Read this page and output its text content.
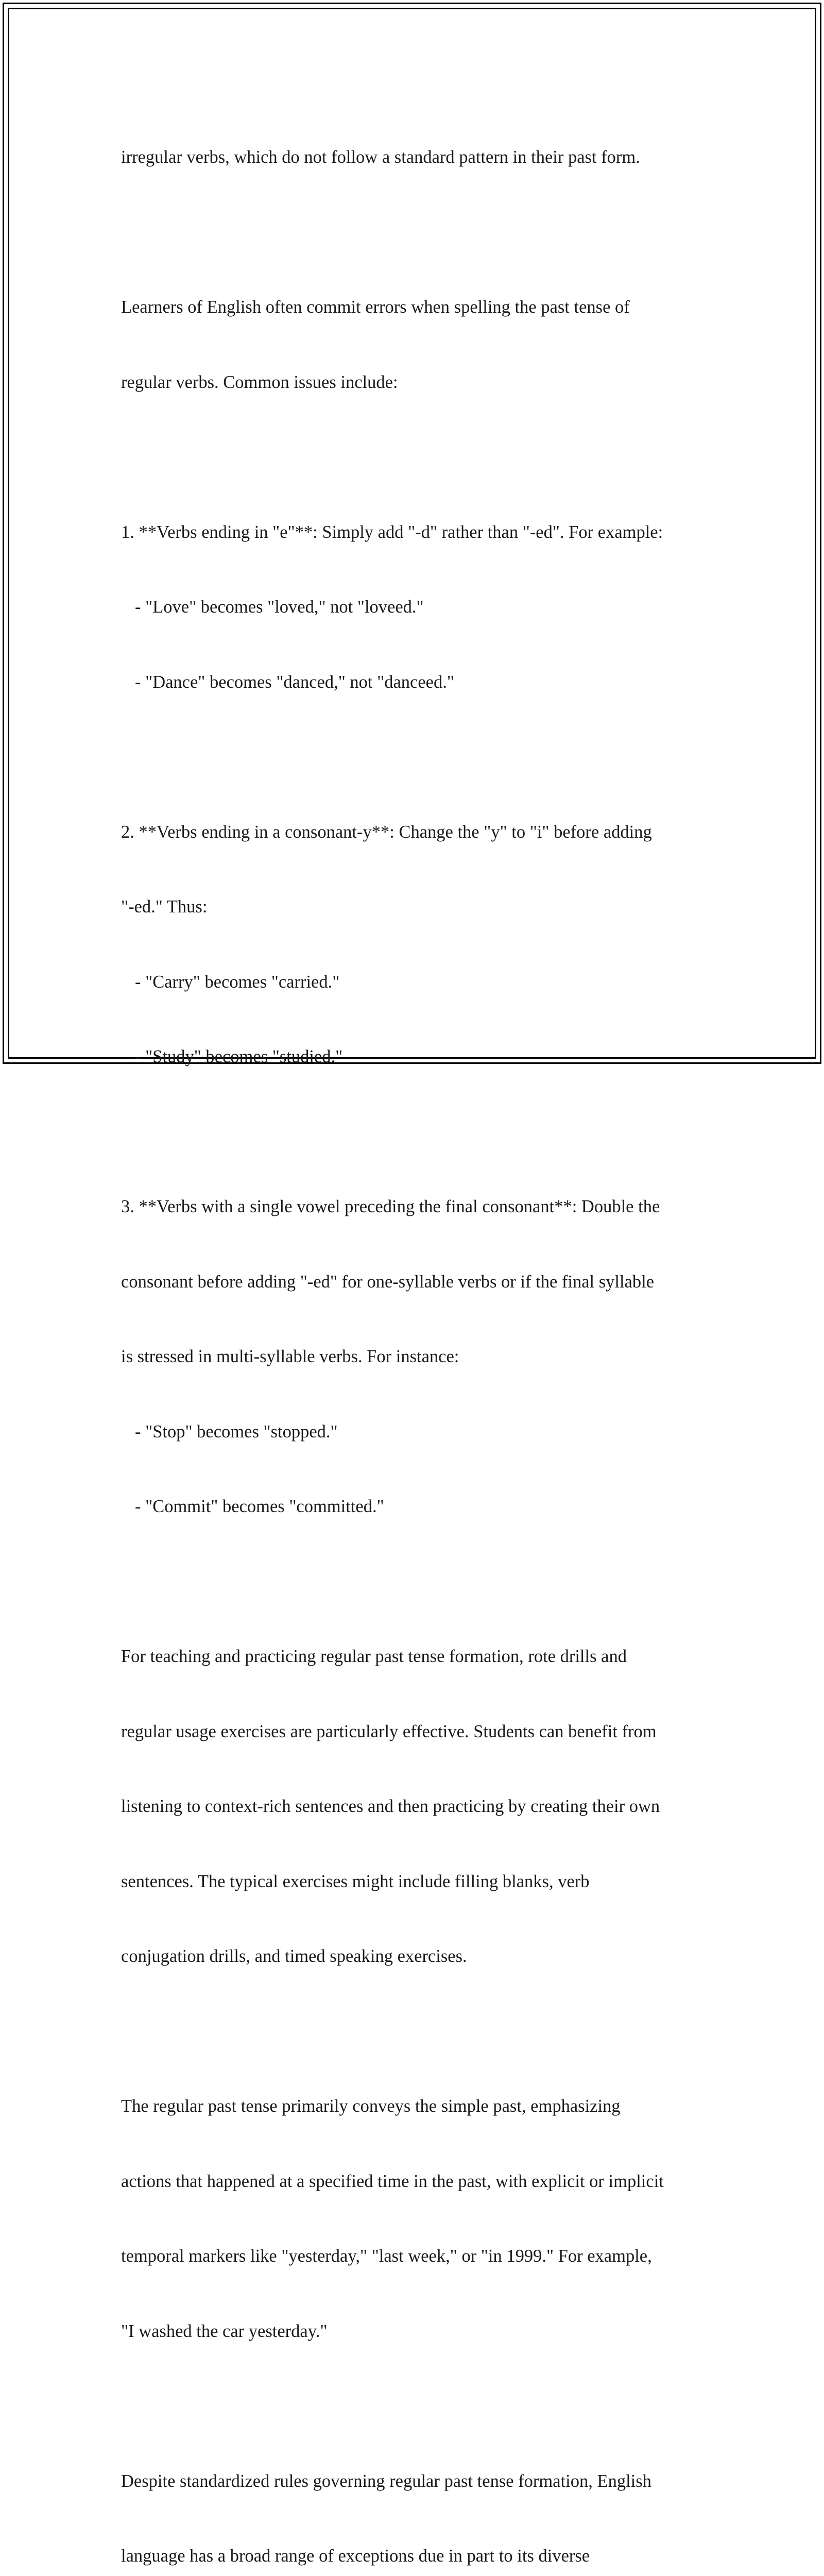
irregular verbs, which do not follow a standard pattern in their past form.

Learners of English often commit errors when spelling the past tense of

regular verbs. Common issues include:

1. **Verbs ending in "e"**: Simply add "-d" rather than "-ed". For example:

- "Love" becomes "loved," not "loveed."

- "Dance" becomes "danced," not "danceed."

2. **Verbs ending in a consonant-y**: Change the "y" to "i" before adding

"-ed." Thus:

- "Carry" becomes "carried."

- "Study" becomes "studied."

3. **Verbs with a single vowel preceding the final consonant**: Double the

consonant before adding "-ed" for one-syllable verbs or if the final syllable

is stressed in multi-syllable verbs. For instance:

- "Stop" becomes "stopped."

- "Commit" becomes "committed."

For teaching and practicing regular past tense formation, rote drills and

regular usage exercises are particularly effective. Students can benefit from

listening to context-rich sentences and then practicing by creating their own

sentences. The typical exercises might include filling blanks, verb

conjugation drills, and timed speaking exercises.

The regular past tense primarily conveys the simple past, emphasizing

actions that happened at a specified time in the past, with explicit or implicit

temporal markers like "yesterday," "last week," or "in 1999." For example,

"I washed the car yesterday."

Despite standardized rules governing regular past tense formation, English

language has a broad range of exceptions due in part to its diverse
